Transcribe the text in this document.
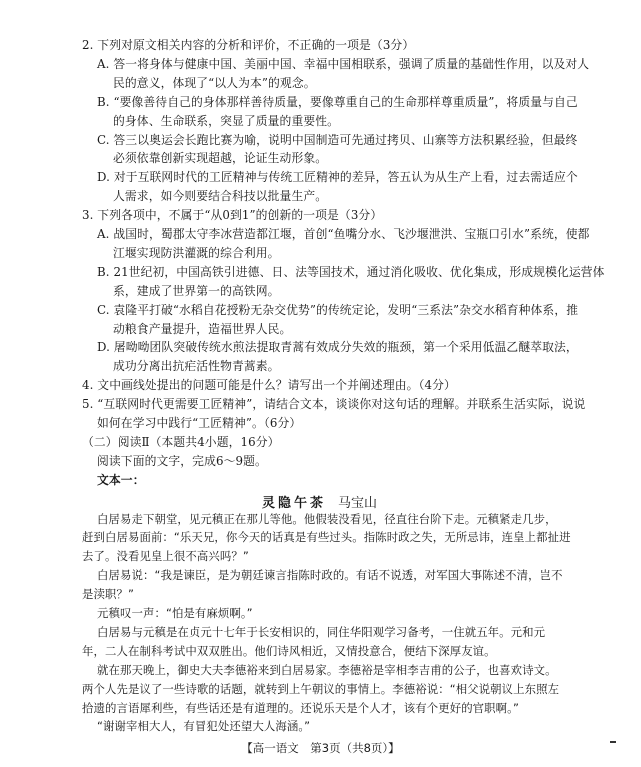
2. 下列对原文相关内容的分析和评价，不正确的一项是（3分）
A. 答一将身体与健康中国、美丽中国、幸福中国相联系，强调了质量的基础性作用，以及对人
民的意义，体现了“以人为本”的观念。
B. “要像善待自己的身体那样善待质量，要像尊重自己的生命那样尊重质量”，将质量与自己
的身体、生命联系，突显了质量的重要性。
C. 答三以奥运会长跑比赛为喻，说明中国制造可先通过拷贝、山寨等方法积累经验，但最终
必须依靠创新实现超越，论证生动形象。
D. 对于互联网时代的工匠精神与传统工匠精神的差异，答五认为从生产上看，过去需适应个
人需求，如今则要结合科技以批量生产。
3. 下列各项中，不属于“从0到1”的创新的一项是（3分）
A. 战国时，蜀郡太守李冰营造都江堰，首创“鱼嘴分水、飞沙堰泄洪、宝瓶口引水”系统，使都
江堰实现防洪灌溉的综合利用。
B. 21世纪初，中国高铁引进德、日、法等国技术，通过消化吸收、优化集成，形成规模化运营体
系，建成了世界第一的高铁网。
C. 袁隆平打破“水稻自花授粉无杂交优势”的传统定论，发明“三系法”杂交水稻育种体系，推
动粮食产量提升，造福世界人民。
D. 屠呦呦团队突破传统水煎法提取青蒿有效成分失效的瓶颈，第一个采用低温乙醚萃取法，
成功分离出抗疟活性物青蒿素。
4. 文中画线处提出的问题可能是什么？请写出一个并阐述理由。（4分）
5. “互联网时代更需要工匠精神”，请结合文本，谈谈你对这句话的理解。并联系生活实际，说说
如何在学习中践行“工匠精神”。（6分）
（二）阅读Ⅱ（本题共4小题，16分）
阅读下面的文字，完成6～9题。
文本一：
灵隐午茶 马宝山
白居易走下朝堂，见元稹正在那儿等他。他假装没看见，径直往台阶下走。元稹紧走几步，
赶到白居易面前：“乐天兄，你今天的话真是有些过头。指陈时政之失，无所忌讳，连皇上都扯进
去了。没看见皇上很不高兴吗？”
白居易说：“我是谏臣，是为朝廷谏言指陈时政的。有话不说透，对军国大事陈述不清，岂不
是渎职？”
元稹叹一声：“怕是有麻烦啊。”
白居易与元稹是在贞元十七年于长安相识的，同住华阳观学习备考，一住就五年。元和元
年，二人在制科考试中双双胜出。他们诗风相近，又情投意合，便结下深厚友谊。
就在那天晚上，御史大夫李德裕来到白居易家。李德裕是宰相李吉甫的公子，也喜欢诗文。
两个人先是议了一些诗歌的话题，就转到上午朝议的事情上。李德裕说：“相父说朝议上东照左
拾遗的言语犀利些，有些话还是有道理的。还说乐天是个人才，该有个更好的官职啊。”
“谢谢宰相大人，有冒犯处还望大人海涵。”
【高一语文　第3页（共8页）】
